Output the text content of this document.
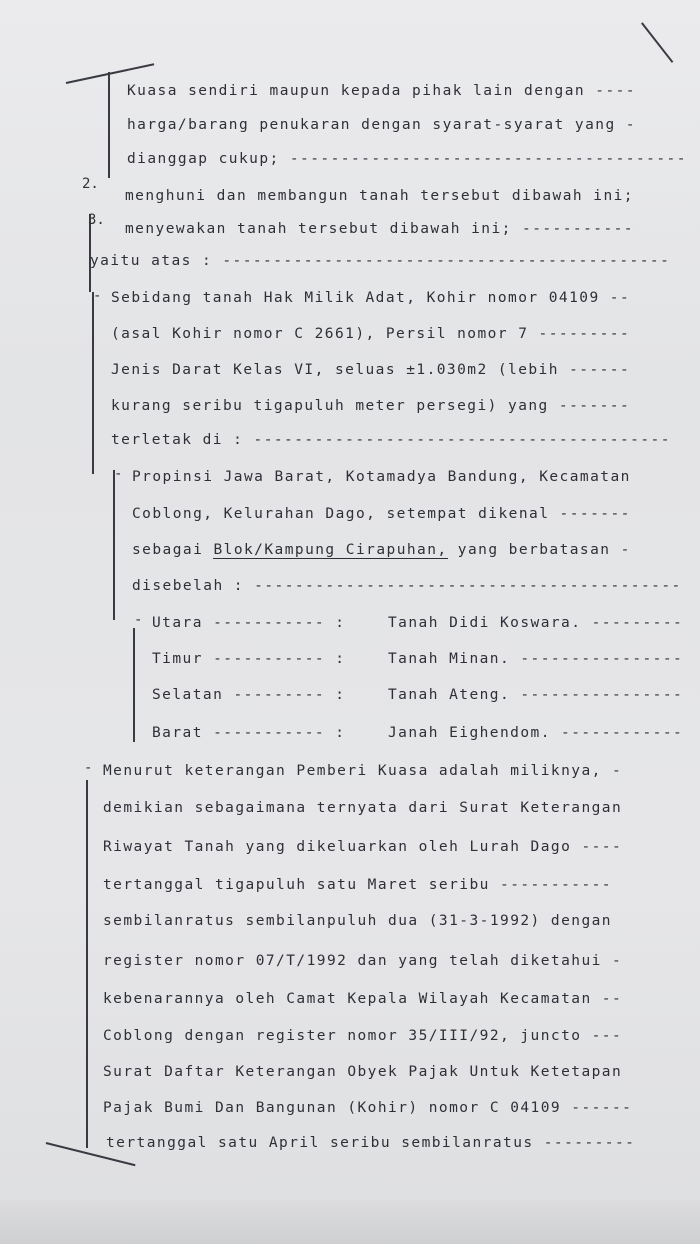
Kuasa sendiri maupun kepada pihak lain dengan ----
harga/barang penukaran dengan syarat-syarat yang -
dianggap cukup; ---------------------------------------
2.
menghuni dan membangun tanah tersebut dibawah ini;
3.
menyewakan tanah tersebut dibawah ini; -----------
yaitu atas : --------------------------------------------
- Sebidang tanah Hak Milik Adat, Kohir nomor 04109 --
(asal Kohir nomor C 2661), Persil nomor 7 ---------
Jenis Darat Kelas VI, seluas ±1.030m2 (lebih ------
kurang seribu tigapuluh meter persegi) yang -------
terletak di : -----------------------------------------
- Propinsi Jawa Barat, Kotamadya Bandung, Kecamatan
Coblong, Kelurahan Dago, setempat dikenal -------
sebagai Blok/Kampung Cirapuhan, yang berbatasan -
disebelah : ------------------------------------------
- Utara ----------- :	Tanah Didi Koswara. ---------
Timur ----------- :	Tanah Minan. ----------------
Selatan --------- :	Tanah Ateng. ----------------
Barat ----------- :	Janah Eighendom. ------------
- Menurut keterangan Pemberi Kuasa adalah miliknya, -
demikian sebagaimana ternyata dari Surat Keterangan
Riwayat Tanah yang dikeluarkan oleh Lurah Dago ----
tertanggal tigapuluh satu Maret seribu -----------
sembilanratus sembilanpuluh dua (31-3-1992) dengan
register nomor 07/T/1992 dan yang telah diketahui -
kebenarannya oleh Camat Kepala Wilayah Kecamatan --
Coblong dengan register nomor 35/III/92, juncto ---
Surat Daftar Keterangan Obyek Pajak Untuk Ketetapan
Pajak Bumi Dan Bangunan (Kohir) nomor C 04109 ------
tertanggal satu April seribu sembilanratus ---------
